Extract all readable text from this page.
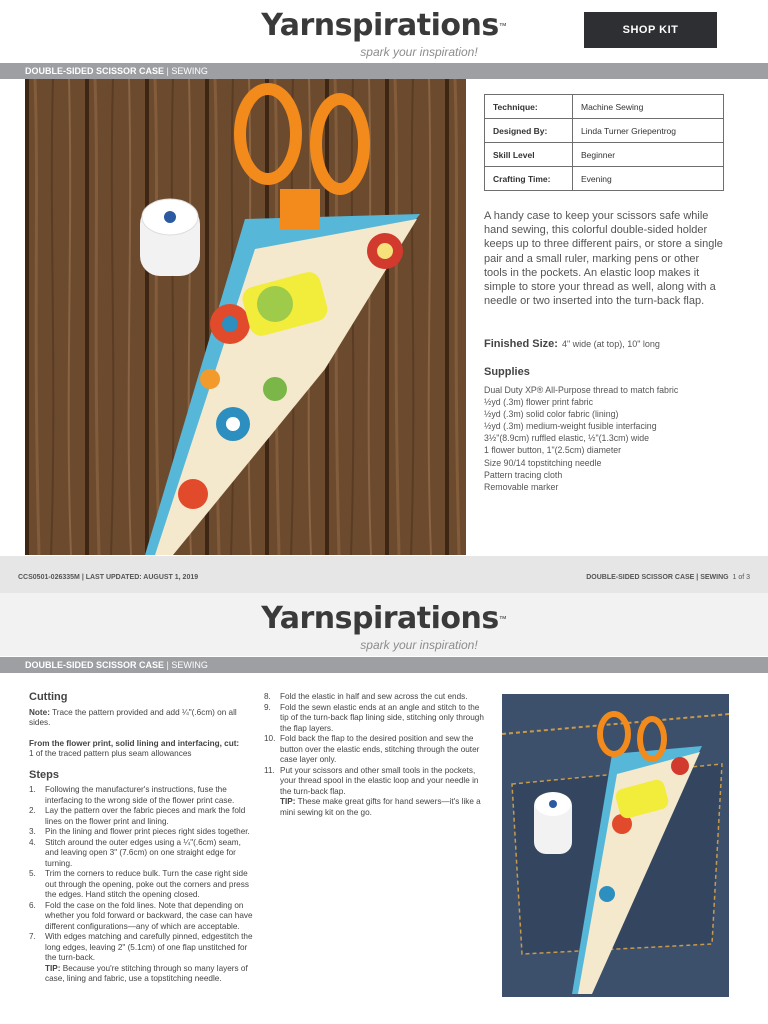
Yarnspirations™
spark your inspiration!
SHOP KIT
DOUBLE-SIDED SCISSOR CASE | SEWING
Technique:	Machine Sewing
Designed By:	Linda Turner Griepentrog
Skill Level	Beginner
Crafting Time:	Evening

A handy case to keep your scissors safe while hand sewing, this colorful double-sided holder keeps up to three different pairs, or store a single pair and a small ruler, marking pens or other tools in the pockets. An elastic loop makes it simple to store your thread as well, along with a needle or two inserted into the turn-back flap.

Finished Size: 4" wide (at top), 10" long
Supplies
Dual Duty XP® All-Purpose thread to match fabric
½yd (.3m) flower print fabric
½yd (.3m) solid color fabric (lining)
½yd (.3m) medium-weight fusible interfacing
3½"(8.9cm) ruffled elastic, ½"(1.3cm) wide
1 flower button, 1"(2.5cm) diameter
Size 90/14 topstitching needle
Pattern tracing cloth
Removable marker
CCS0501-026335M | LAST UPDATED: AUGUST 1, 2019	DOUBLE-SIDED SCISSOR CASE | SEWING 1 of 3
Yarnspirations™
spark your inspiration!
DOUBLE-SIDED SCISSOR CASE | SEWING
Cutting

Note: Trace the pattern provided and add ¼"(.6cm) on all sides.

From the flower print, solid lining and interfacing, cut:
1 of the traced pattern plus seam allowances

Steps
1. Following the manufacturer's instructions, fuse the interfacing to the wrong side of the flower print case.
2. Lay the pattern over the fabric pieces and mark the fold lines on the flower print and lining.
3. Pin the lining and flower print pieces right sides together.
4. Stitch around the outer edges using a ¼"(.6cm) seam, and leaving open 3" (7.6cm) on one straight edge for turning.
5. Trim the corners to reduce bulk. Turn the case right side out through the opening, poke out the corners and press the edges. Hand stitch the opening closed.
6. Fold the case on the fold lines. Note that depending on whether you fold forward or backward, the case can have different configurations—any of which are acceptable.
7. With edges matching and carefully pinned, edgestitch the long edges, leaving 2" (5.1cm) of one flap unstitched for the turn-back.
TIP: Because you're stitching through so many layers of case, lining and fabric, use a topstitching needle.
8. Fold the elastic in half and sew across the cut ends.
9. Fold the sewn elastic ends at an angle and stitch to the tip of the turn-back flap lining side, stitching only through the flap layers.
10. Fold back the flap to the desired position and sew the button over the elastic ends, stitching through the outer case layer only.
11. Put your scissors and other small tools in the pockets, your thread spool in the elastic loop and your needle in the turn-back flap.
TIP: These make great gifts for hand sewers—it's like a mini sewing kit on the go.
